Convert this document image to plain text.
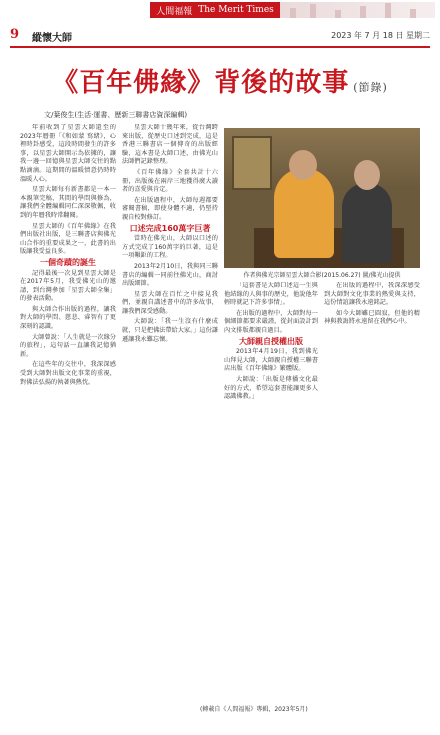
人間福報 The Merit Times
9 縱懷大師	2023 年 7 月 18 日 星期二
《百年佛緣》背後的故事 (節錄)
文/葉俊生(生活‧運書、歷新三聯書店資深編輯)

年前收到了星雲大師還至的2023年曆冊「《和如蒙 寫緒》，心裡時卦感受，這段時間發生的許多事，以星雲大師開示為依據的，讓我一邊一回憶與星雲大師交往的點點滴滴。這期間的溫暖情意仍時時溫暖人心。

星雲大師每有新書都是一本一本親筆完稿，其間的學問與修為，讓我們全體編輯同仁深深敬佩，收到的年曆我時常翻閱。

星雲大師的《百年佛緣》在我們出版社出版，是三聯書店與佛光山合作的重要成果之一，此書的出版讓我受益良多。

一個奇蹟的誕生

記得最後一次見到星雲大師是在2017年5月，我受佛光山的邀請，到台灣參加「星雲大師全集」的發表活動。

與大師合作出版的過程，讓我對大師的學問、慈悲、睿智有了更深刻的認識。

大師曾說：「人生就是一次緣分的旅程」，這句話一直讓我記憶猶新。

在這些年的交往中，我深深感受到大師對出版文化事業的重視，對佛法弘揚的執著與熱忱。

星雲大師十幾年來，從台灣跨來出版，從歷史口述到完成，這是香港三聯書店一個傳奇的出版經驗，這本書是大師口述，由佛光山法師們記錄整理。

《百年佛緣》全套共計十六冊，出版後在兩岸三地獲得廣大讀者的喜愛與肯定。

在出版過程中，大師每週都要審閱書稿，即使身體不適，仍堅持親自校對修訂。

口述完成160萬字巨著

當時在佛光山，大師以口述的方式完成了160萬字的巨著，這是一項艱鉅的工程。

2013年2月10日，我與同三聯書店的編輯一同前往佛光山，商討出版細節。

星雲大師在百忙之中接見我們，並親自講述書中的許多故事，讓我們深受感動。

大師說：「我一生沒有什麼成就，只是把佛法帶給大家。」這份謙遜讓我永難忘懷。

作者與佛光宗師星雲大師合影(2015.06.27) 圖/佛光山提供

「這套書是大師口述這一生與他結緣的人與事的歷史，他說他年輕時就記下許多事情」。

在出版的過程中，大師對每一個細節都要求嚴謹，從封面設計到內文排版都親自過目。

大師親自授權出版

2013年4月19日，我到佛光山拜見大師，大師親自授權三聯書店出版《百年佛緣》繁體版。

大師說：「出版是傳播文化最好的方式，希望這套書能讓更多人認識佛教。」

在出版的過程中，我深深感受到大師對文化事業的熱愛與支持，這份情誼讓我永遠銘記。

如今大師雖已圓寂，但他的精神與教誨將永遠留在我們心中。

(轉載自《人間福報》專輯，2023年5月)
